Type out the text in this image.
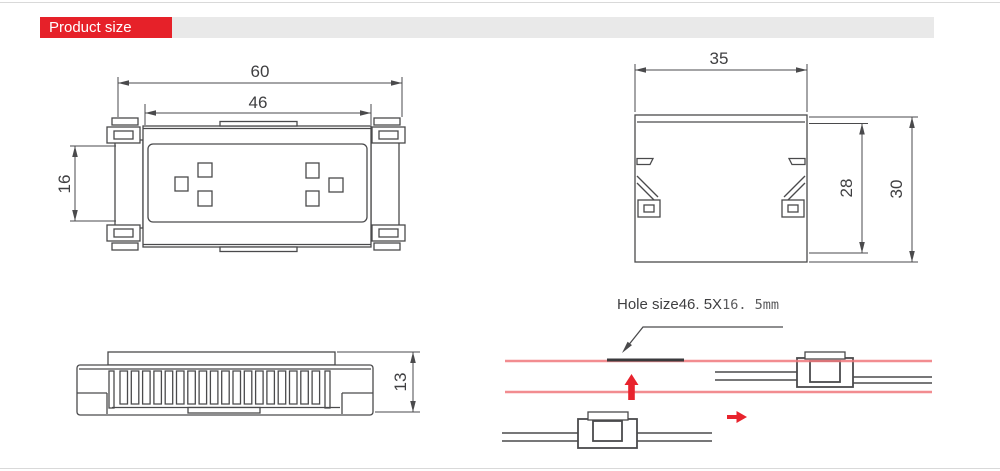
Product size
60
46
16
35
28 30
13
Hole size46. 5X16. 5mm
